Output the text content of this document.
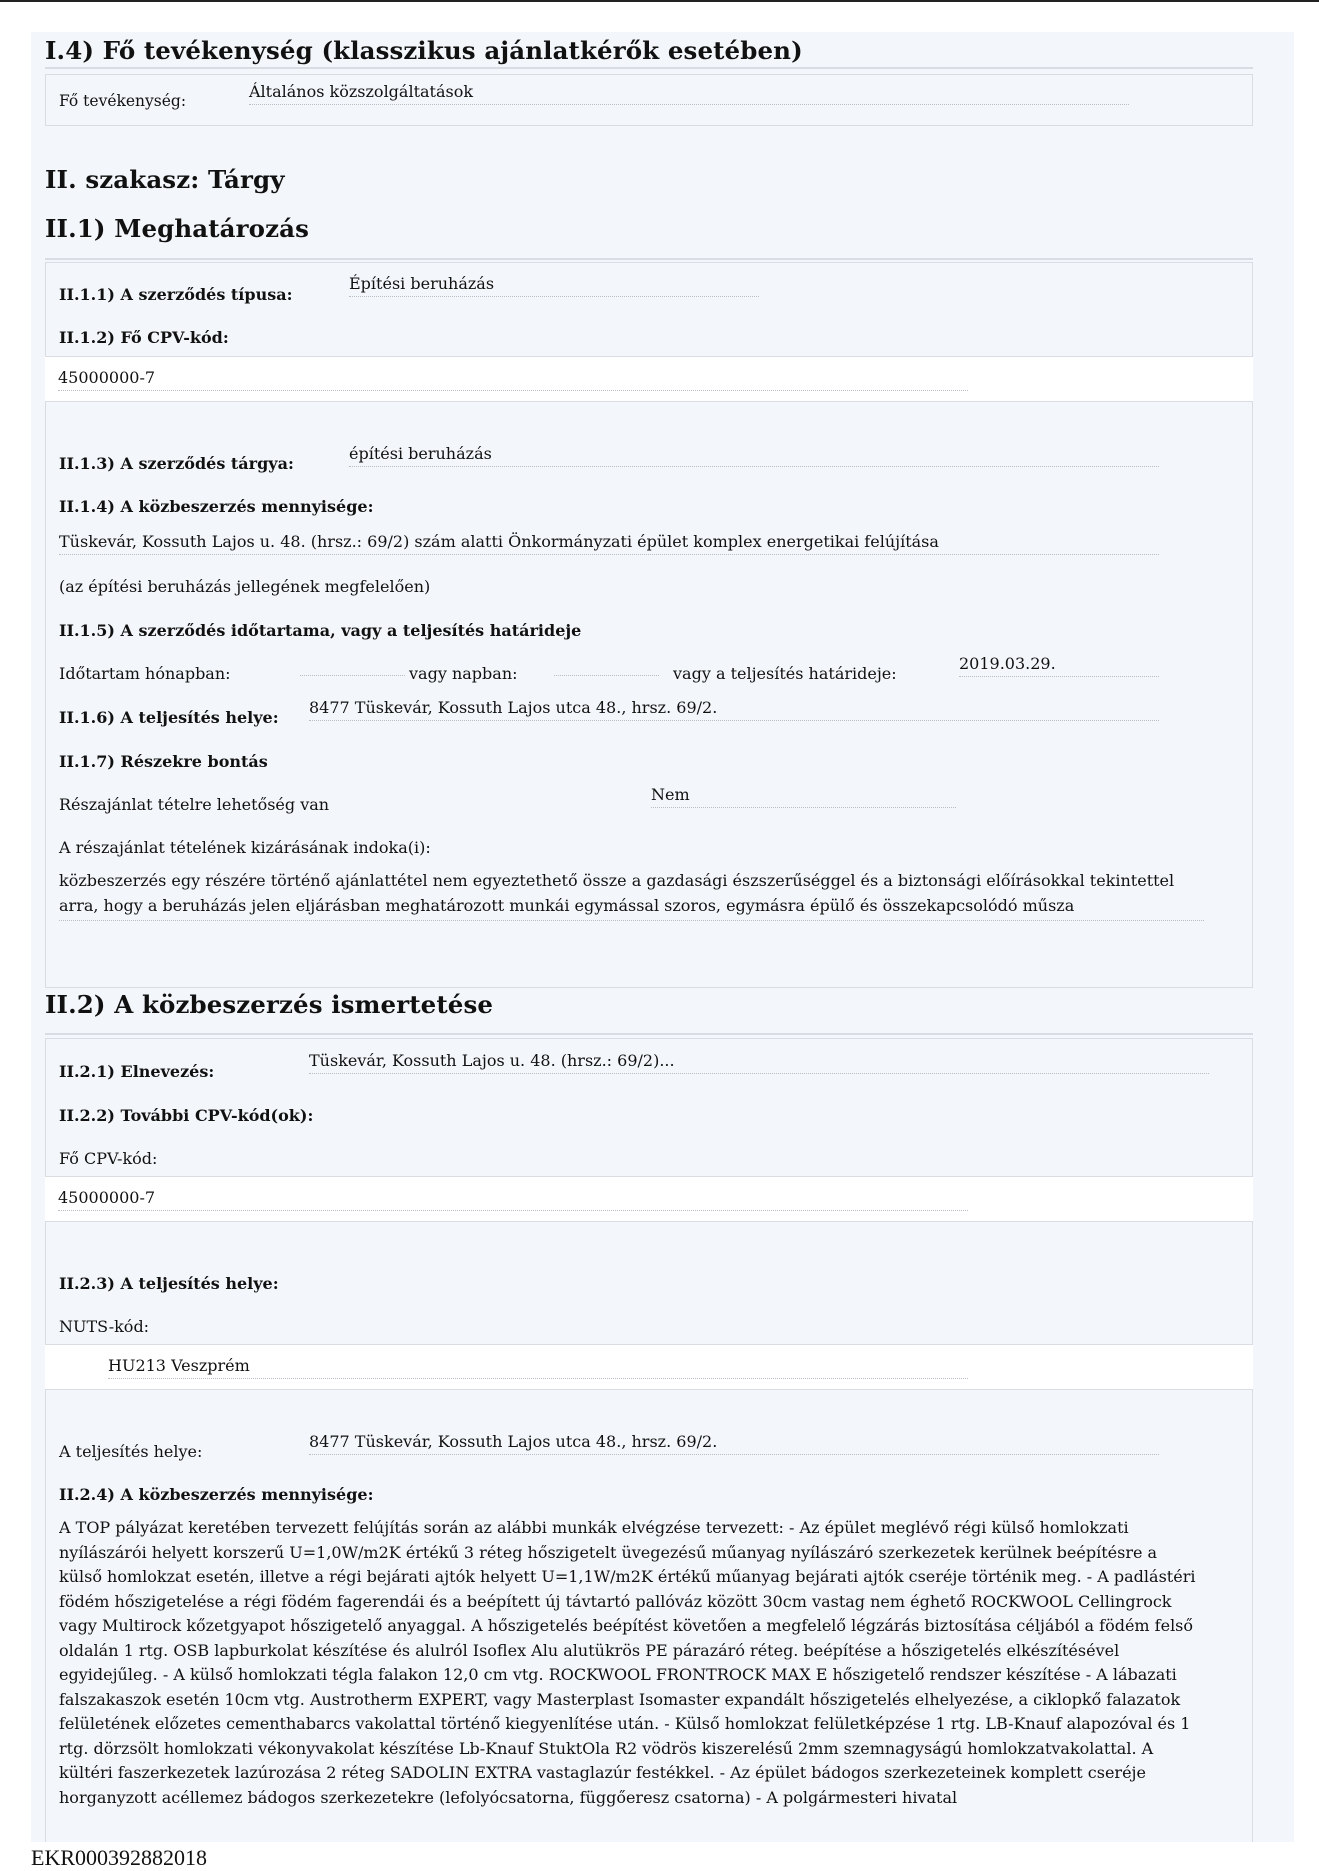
I.4) Fő tevékenység (klasszikus ajánlatkérők esetében)
Fő tevékenység:	Általános közszolgáltatások
II. szakasz: Tárgy
II.1) Meghatározás
II.1.1) A szerződés típusa:
Építési beruházás
II.1.2) Fő CPV-kód:
45000000-7
II.1.3) A szerződés tárgya:
építési beruházás
II.1.4) A közbeszerzés mennyisége:
Tüskevár, Kossuth Lajos u. 48. (hrsz.: 69/2) szám alatti Önkormányzati épület komplex energetikai felújítása
(az építési beruházás jellegének megfelelően)
II.1.5) A szerződés időtartama, vagy a teljesítés határideje
Időtartam hónapban:	vagy napban:	vagy a teljesítés határideje:
2019.03.29.
II.1.6) A teljesítés helye:
8477 Tüskevár, Kossuth Lajos utca 48., hrsz. 69/2.
II.1.7) Részekre bontás
Részajánlat tételre lehetőség van
Nem
A részajánlat tételének kizárásának indoka(i):
közbeszerzés egy részére történő ajánlattétel nem egyeztethető össze a gazdasági észszerűséggel és a biztonsági előírásokkal tekintettel arra, hogy a beruházás jelen eljárásban meghatározott munkái egymással szoros, egymásra épülő és összekapcsolódó műsza
II.2) A közbeszerzés ismertetése
II.2.1) Elnevezés:
Tüskevár, Kossuth Lajos u. 48. (hrsz.: 69/2)...
II.2.2) További CPV-kód(ok):
Fő CPV-kód:
45000000-7
II.2.3) A teljesítés helye:
NUTS-kód:
HU213 Veszprém
A teljesítés helye:
8477 Tüskevár, Kossuth Lajos utca 48., hrsz. 69/2.
II.2.4) A közbeszerzés mennyisége:
A TOP pályázat keretében tervezett felújítás során az alábbi munkák elvégzése tervezett: - Az épület meglévő régi külső homlokzati nyílászárói helyett korszerű U=1,0W/m2K értékű 3 réteg hőszigetelt üvegezésű műanyag nyílászáró szerkezetek kerülnek beépítésre a külső homlokzat esetén, illetve a régi bejárati ajtók helyett U=1,1W/m2K értékű műanyag bejárati ajtók cseréje történik meg. - A padlástéri födém hőszigetelése a régi födém fagerendái és a beépített új távtartó pallóváz között 30cm vastag nem éghető ROCKWOOL Cellingrock vagy Multirock kőzetgyapot hőszigetelő anyaggal. A hőszigetelés beépítést követően a megfelelő légzárás biztosítása céljából a födém felső oldalán 1 rtg. OSB lapburkolat készítése és alulról Isoflex Alu alutükrös PE párazáró réteg. beépítése a hőszigetelés elkészítésével egyidejűleg. - A külső homlokzati tégla falakon 12,0 cm vtg. ROCKWOOL FRONTROCK MAX E hőszigetelő rendszer készítése - A lábazati falszakaszok esetén 10cm vtg. Austrotherm EXPERT, vagy Masterplast Isomaster expandált hőszigetelés elhelyezése, a ciklopkő falazatok felületének előzetes cementhabarcs vakolattal történő kiegyenlítése után. - Külső homlokzat felületképzése 1 rtg. LB-Knauf alapozóval és 1 rtg. dörzsölt homlokzati vékonyvakolat készítése Lb-Knauf StuktOla R2 vödrös kiszerelésű 2mm szemnagyságú homlokzatvakolattal. A kültéri faszerkezetek lazúrozása 2 réteg SADOLIN EXTRA vastaglazúr festékkel. - Az épület bádogos szerkezeteinek komplett cseréje horganyzott acéllemez bádogos szerkezetekre (lefolyócsatorna, függőeresz csatorna) - A polgármesteri hivatal
EKR000392882018
